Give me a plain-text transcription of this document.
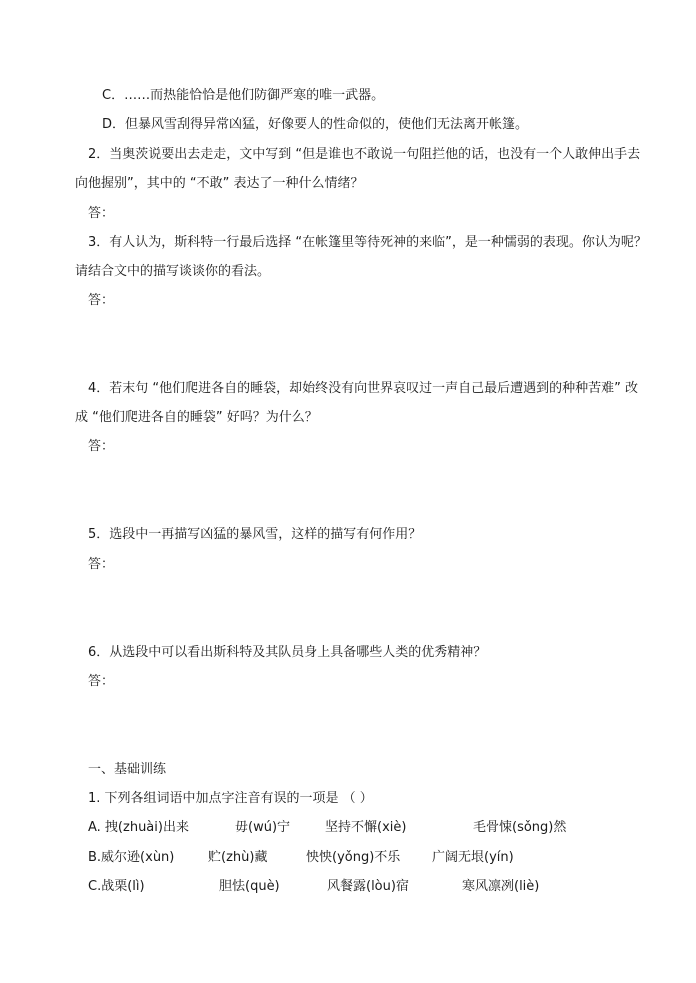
C．……而热能恰恰是他们防御严寒的唯一武器。
D．但暴风雪刮得异常凶猛，好像要人的性命似的，使他们无法离开帐篷。
2．当奥茨说要出去走走，文中写到 “但是谁也不敢说一句阻拦他的话，也没有一个人敢伸出手去
向他握别”，其中的 “不敢” 表达了一种什么情绪？
答：
3．有人认为，斯科特一行最后选择 “在帐篷里等待死神的来临”，是一种懦弱的表现。你认为呢？
请结合文中的描写谈谈你的看法。
答：
4．若末句 “他们爬进各自的睡袋，却始终没有向世界哀叹过一声自己最后遭遇到的种种苦难” 改
成 “他们爬进各自的睡袋” 好吗？为什么？
答：
5．选段中一再描写凶猛的暴风雪，这样的描写有何作用？
答：
6．从选段中可以看出斯科特及其队员身上具备哪些人类的优秀精神？
答：
一、基础训练
1. 下列各组词语中加点字注音有误的一项是 （ ）
A. 拽(zhuài)出来	毋(wú)宁	坚持不懈(xiè)	毛骨悚(sǒng)然
B.威尔逊(xùn)	贮(zhù)藏	怏怏(yǒng)不乐 广阔无垠(yín)
C.战栗(lì)	胆怯(què)	风餐露(lòu)宿	寒风凛冽(liè)
